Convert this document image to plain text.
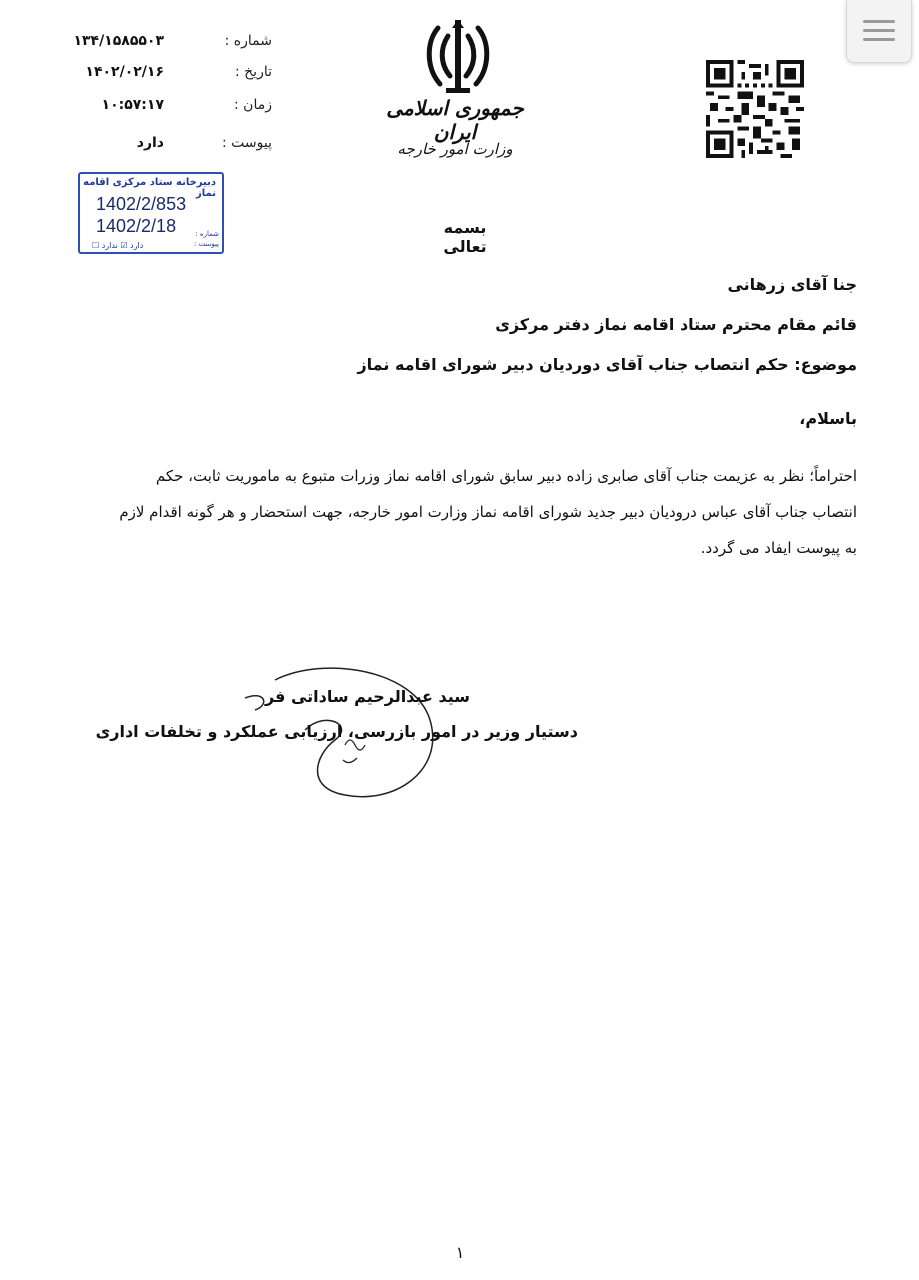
شماره :
۱۳۴/۱۵۸۵۵۰۳
تاریخ :
۱۴۰۲/۰۲/۱۶
زمان :
۱۰:۵۷:۱۷
پیوست :
دارد
دبیرخانه ستاد مرکزی اقامه نماز
1402/2/853
1402/2/18	شماره :
پیوست :
دارد ☑ ندارد ☐
جمهوری اسلامی ایران
وزارت امور خارجه
بسمه تعالی
جنا آقای زرهانی
قائم مقام محترم ستاد اقامه نماز دفتر مرکزی
موضوع: حکم انتصاب جناب آقای دوردیان دبیر شورای اقامه نماز
باسلام،
احتراماً؛ نظر به عزیمت جناب آقای صابری زاده دبیر سابق شورای اقامه نماز وزرات متبوع به ماموریت ثابت، حکم
انتصاب جناب آقای عباس درودیان دبیر جدید شورای اقامه نماز وزارت امور خارجه، جهت استحضار و هر گونه اقدام لازم
به پیوست ایفاد می گردد.
سید عبدالرحیم ساداتی فر
دستیار وزیر در امور بازرسی، ارزیابی عملکرد و تخلفات اداری
۱
